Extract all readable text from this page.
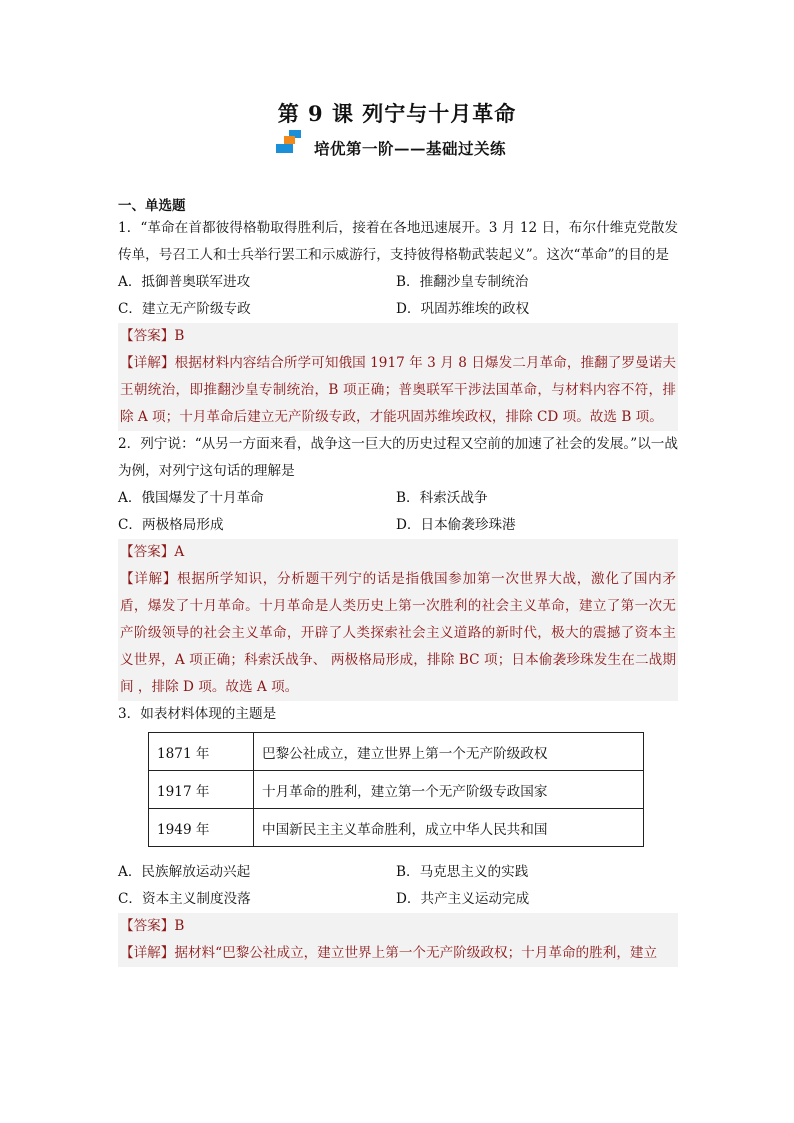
第 9 课 列宁与十月革命
培优第一阶——基础过关练
一、单选题
1．“革命在首都彼得格勒取得胜利后，接着在各地迅速展开。3 月 12 日，布尔什维克党散发传单，号召工人和士兵举行罢工和示威游行，支持彼得格勒武装起义”。这次“革命”的目的是
A．抵御普奥联军进攻	B．推翻沙皇专制统治
C．建立无产阶级专政	D．巩固苏维埃的政权
【答案】B
【详解】根据材料内容结合所学可知俄国 1917 年 3 月 8 日爆发二月革命，推翻了罗曼诺夫王朝统治，即推翻沙皇专制统治，B 项正确；普奥联军干涉法国革命，与材料内容不符，排除 A 项；十月革命后建立无产阶级专政，才能巩固苏维埃政权，排除 CD 项。故选 B 项。
2．列宁说：“从另一方面来看，战争这一巨大的历史过程又空前的加速了社会的发展。”以一战为例，对列宁这句话的理解是
A．俄国爆发了十月革命	B．科索沃战争
C．两极格局形成	D．日本偷袭珍珠港
【答案】A
【详解】根据所学知识，分析题干列宁的话是指俄国参加第一次世界大战，激化了国内矛盾，爆发了十月革命。十月革命是人类历史上第一次胜利的社会主义革命，建立了第一次无产阶级领导的社会主义革命，开辟了人类探索社会主义道路的新时代，极大的震撼了资本主义世界，A 项正确；科索沃战争、 两极格局形成，排除 BC 项；日本偷袭珍珠发生在二战期间 ，排除 D 项。故选 A 项。
3．如表材料体现的主题是
1871 年	巴黎公社成立，建立世界上第一个无产阶级政权
1917 年	十月革命的胜利，建立第一个无产阶级专政国家
1949 年	中国新民主主义革命胜利，成立中华人民共和国
A．民族解放运动兴起	B．马克思主义的实践
C．资本主义制度没落	D．共产主义运动完成
【答案】B
【详解】据材料“巴黎公社成立，建立世界上第一个无产阶级政权；十月革命的胜利，建立
